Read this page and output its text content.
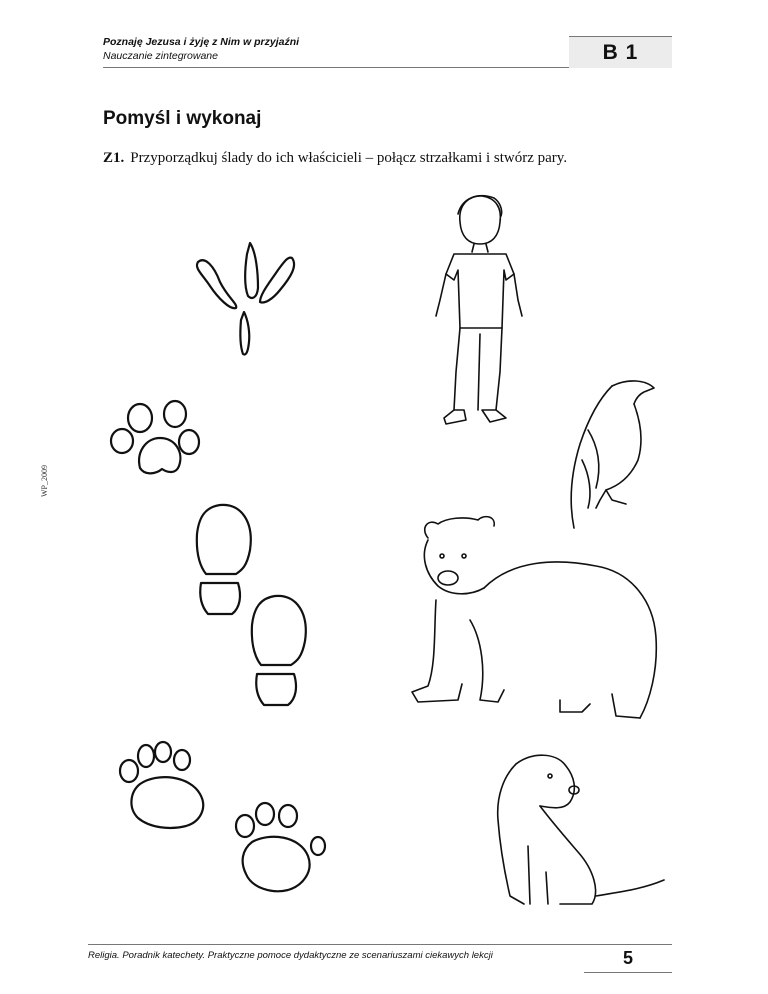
Poznaję Jezusa i żyję z Nim w przyjaźni
Nauczanie zintegrowane	B 1
Pomyśl i wykonaj
Z1. Przyporządkuj ślady do ich właścicieli – połącz strzałkami i stwórz pary.
WP_2009
Religia. Poradnik katechety. Praktyczne pomoce dydaktyczne ze scenariuszami ciekawych lekcji	5
